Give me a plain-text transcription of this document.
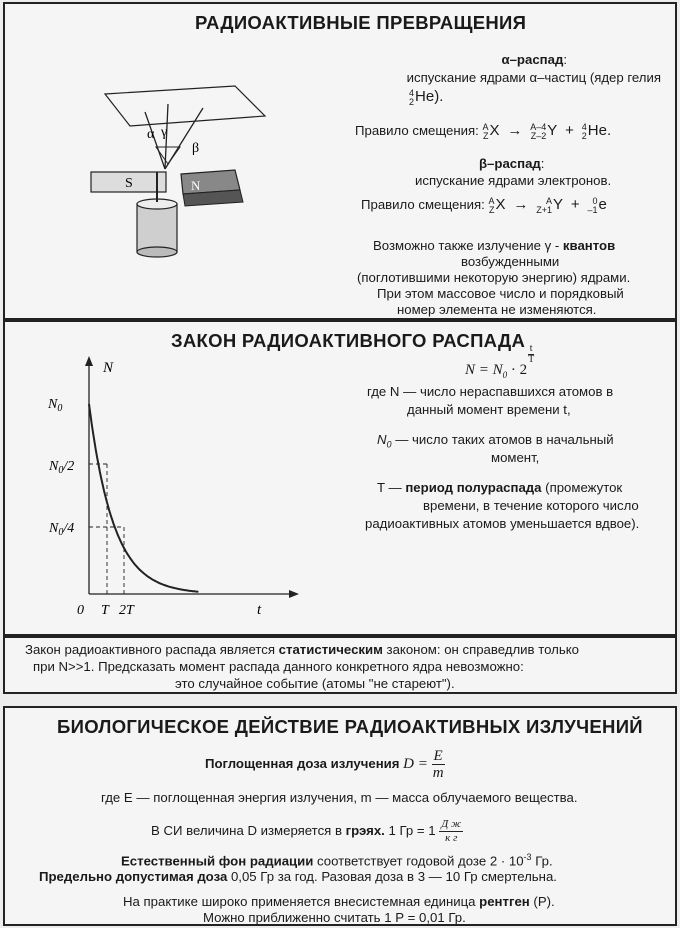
РАДИОАКТИВНЫЕ ПРЕВРАЩЕНИЯ
α γ
β
S	N
α–распад:
испускание ядрами α–частиц (ядер гелия
4
2 He).
Правило смещения: A
Z X  → A–4
Z–2 Y  + 4
2 He.
β–распад:
испускание ядрами электронов.
Правило смещения: A
Z X  →	A
Z+1 Y  + 0
–1 e
Возможно также излучение γ - квантов
возбужденными
(поглотившими некоторую энергию) ядрами.
При этом массовое число и порядковый
номер элемента не изменяются.
ЗАКОН РАДИОАКТИВНОГО РАСПАДА
N
t
0
$N_0$
$N_0/2$
$N_0/4$
T 2T
$N = N_0 \cdot 2$
$\frac{t}{T}$
где N — число нераспавшихся атомов в
данный момент времени t,
$N_0$ — число таких атомов в начальный
момент,
T — период полураспада (промежуток
времени, в течение которого число
радиоактивных атомов уменьшается вдвое).
Закон радиоактивного распада является статистическим законом: он справедлив только
при N>>1. Предсказать момент распада данного конкретного ядра невозможно:
это случайное событие (атомы "не стареют").
БИОЛОГИЧЕСКОЕ ДЕЙСТВИЕ РАДИОАКТИВНЫХ ИЗЛУЧЕНИЙ
Поглощенная доза излучения $D = \frac{E}{m}$
где E — поглощенная энергия излучения, m — масса облучаемого вещества.
В СИ величина D измеряется в грэях. 1 Гр = 1 Д ж
к г
Естественный фон радиации соответствует годовой дозе $2 \cdot 10^{-3}$ Гр.
Предельно допустимая доза 0,05 Гр за год. Разовая доза в 3 — 10 Гр смертельна.
На практике широко применяется внесистемная единица рентген (Р).
Можно приближенно считать 1 Р = 0,01 Гр.
